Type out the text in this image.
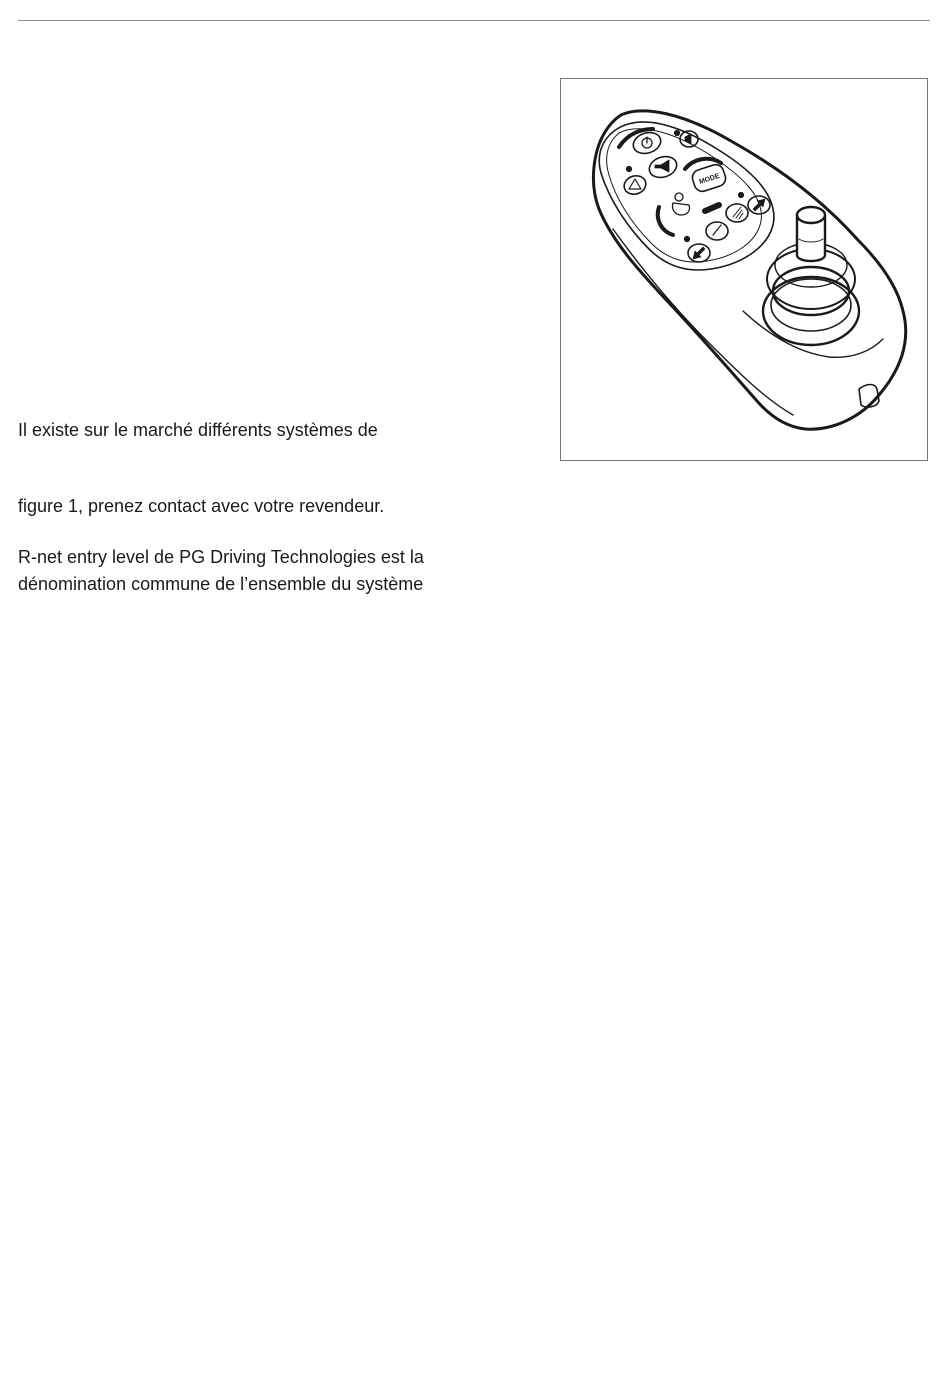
MODE

Il existe sur le marché différents systèmes de

figure 1, prenez contact avec votre revendeur.

R-net entry level de PG Driving Technologies est la
dénomination commune de l’ensemble du système
